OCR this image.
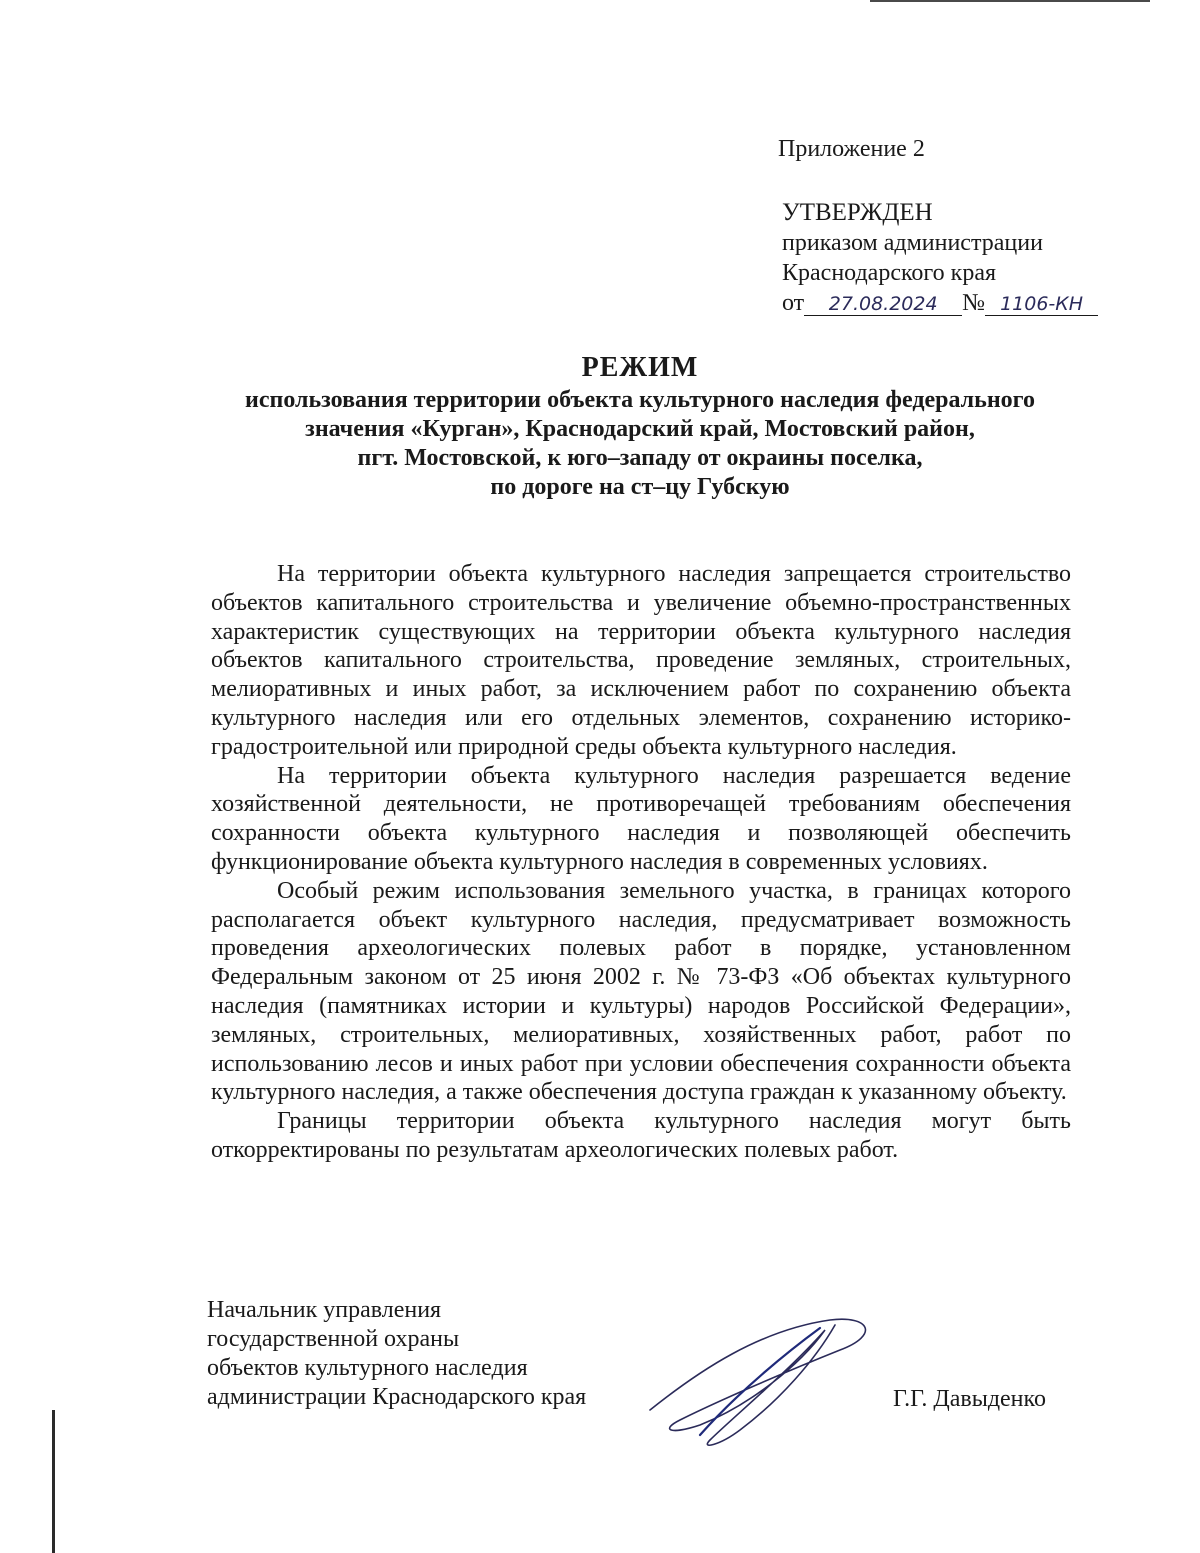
Приложение 2
УТВЕРЖДЕН
приказом администрации
Краснодарского края
от	27.08.2024	№ 1106-КН
РЕЖИМ
использования территории объекта культурного наследия федерального
значения «Курган», Краснодарский край, Мостовский район,
пгт. Мостовской, к юго–западу от окраины поселка,
по дороге на ст–цу Губскую

На территории объекта культурного наследия запрещается строительство объектов капитального строительства и увеличение объемно-пространственных характеристик существующих на территории объекта культурного наследия объектов капитального строительства, проведение земляных, строительных, мелиоративных и иных работ, за исключением работ по сохранению объекта культурного наследия или его отдельных элементов, сохранению историко-градостроительной или природной среды объекта культурного наследия.

На территории объекта культурного наследия разрешается ведение хозяйственной деятельности, не противоречащей требованиям обеспечения сохранности объекта культурного наследия и позволяющей обеспечить функционирование объекта культурного наследия в современных условиях.

Особый режим использования земельного участка, в границах которого располагается объект культурного наследия, предусматривает возможность проведения археологических полевых работ в порядке, установленном Федеральным законом от 25 июня 2002 г. № 73-ФЗ «Об объектах культурного наследия (памятниках истории и культуры) народов Российской Федерации», земляных, строительных, мелиоративных, хозяйственных работ, работ по использованию лесов и иных работ при условии обеспечения сохранности объекта культурного наследия, а также обеспечения доступа граждан к указанному объекту.

Границы территории объекта культурного наследия могут быть откорректированы по результатам археологических полевых работ.

Начальник управления
государственной охраны
объектов культурного наследия
администрации Краснодарского края	Г.Г. Давыденко
